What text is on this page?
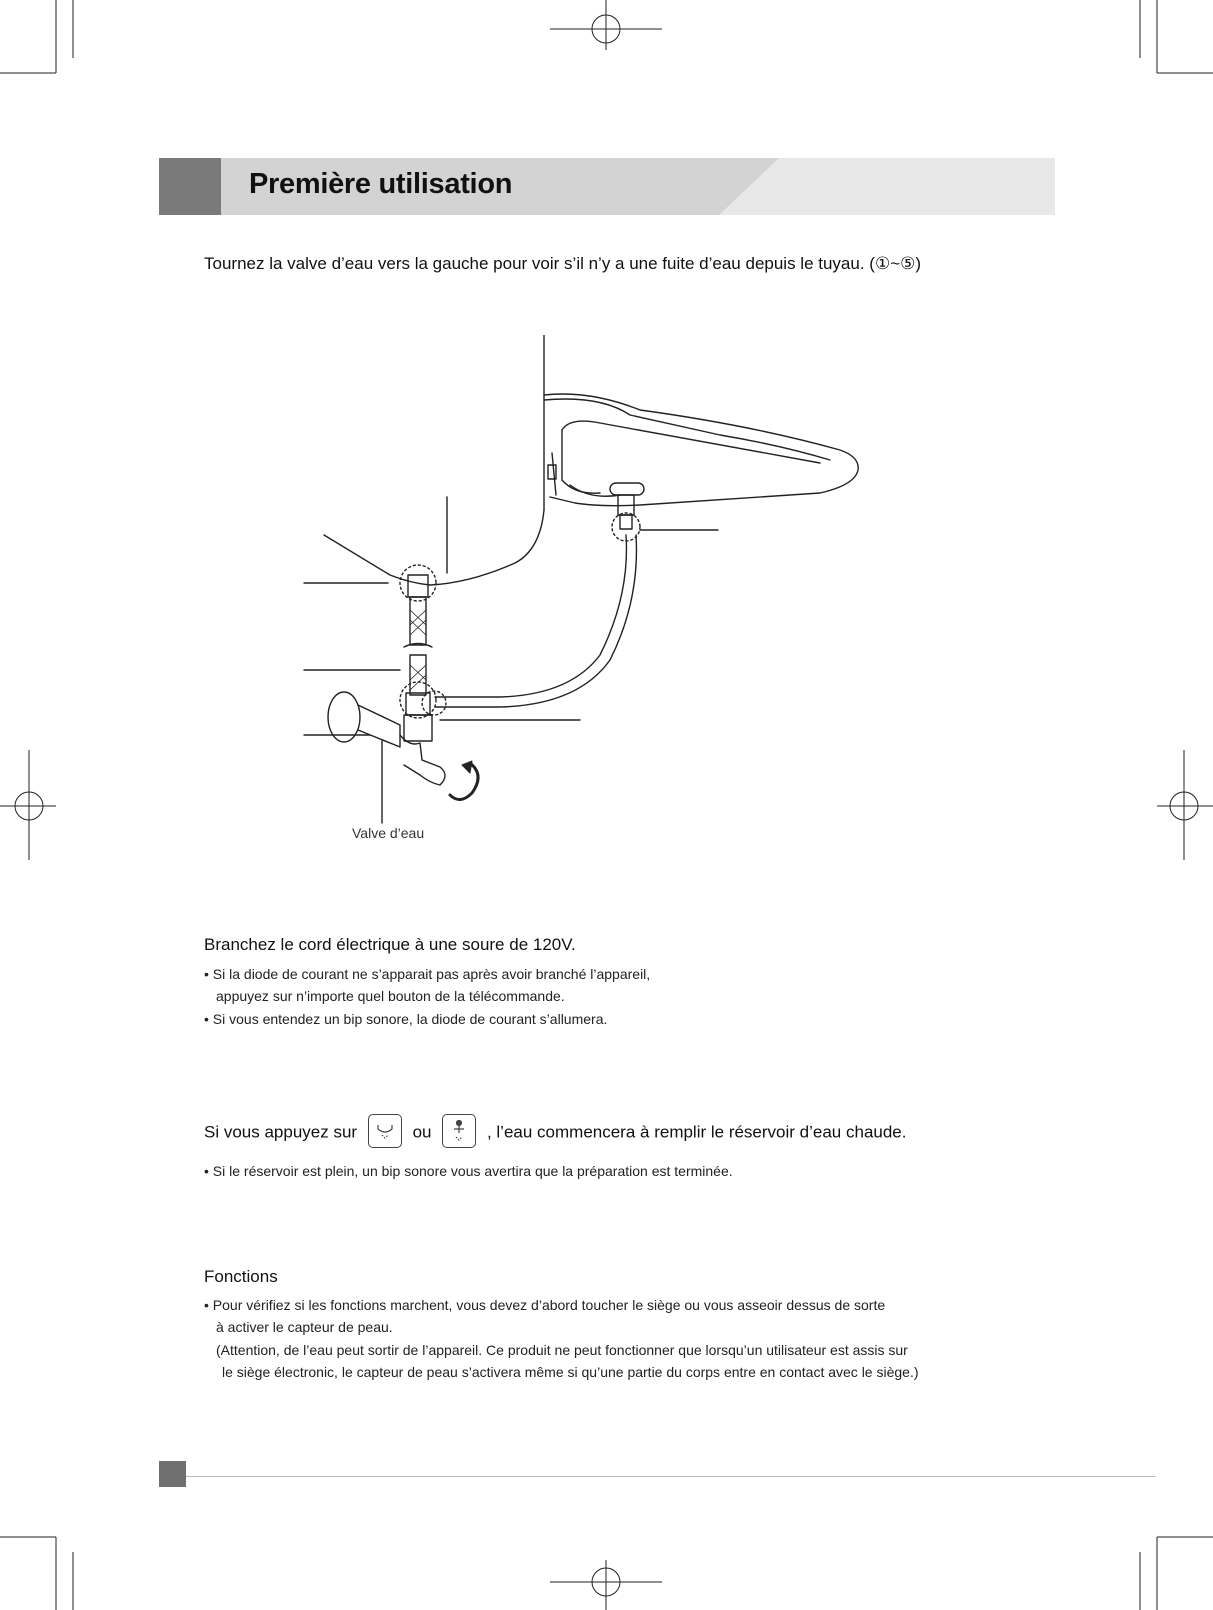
Première utilisation
Tournez la valve d’eau vers la gauche pour voir s’il n’y a une fuite d’eau depuis le tuyau. (①~⑤)
Valve d’eau
Branchez le cord électrique à une soure de 120V.
• Si la diode de courant ne s’apparait pas après avoir branché l’appareil,
appuyez sur n’importe quel bouton de la télécommande.
• Si vous entendez un bip sonore, la diode de courant s’allumera.
Si vous appuyez sur	ou	, l’eau commencera à remplir le réservoir d’eau chaude.
• Si le réservoir est plein, un bip sonore vous avertira que la préparation est terminée.
Fonctions
• Pour vérifiez si les fonctions marchent, vous devez d’abord toucher le siège ou vous asseoir dessus de sorte
à activer le capteur de peau.
(Attention, de l’eau peut sortir de l’appareil. Ce produit ne peut fonctionner que lorsqu’un utilisateur est assis sur
le siège électronic, le capteur de peau s’activera même si qu’une partie du corps entre en contact avec le siège.)
